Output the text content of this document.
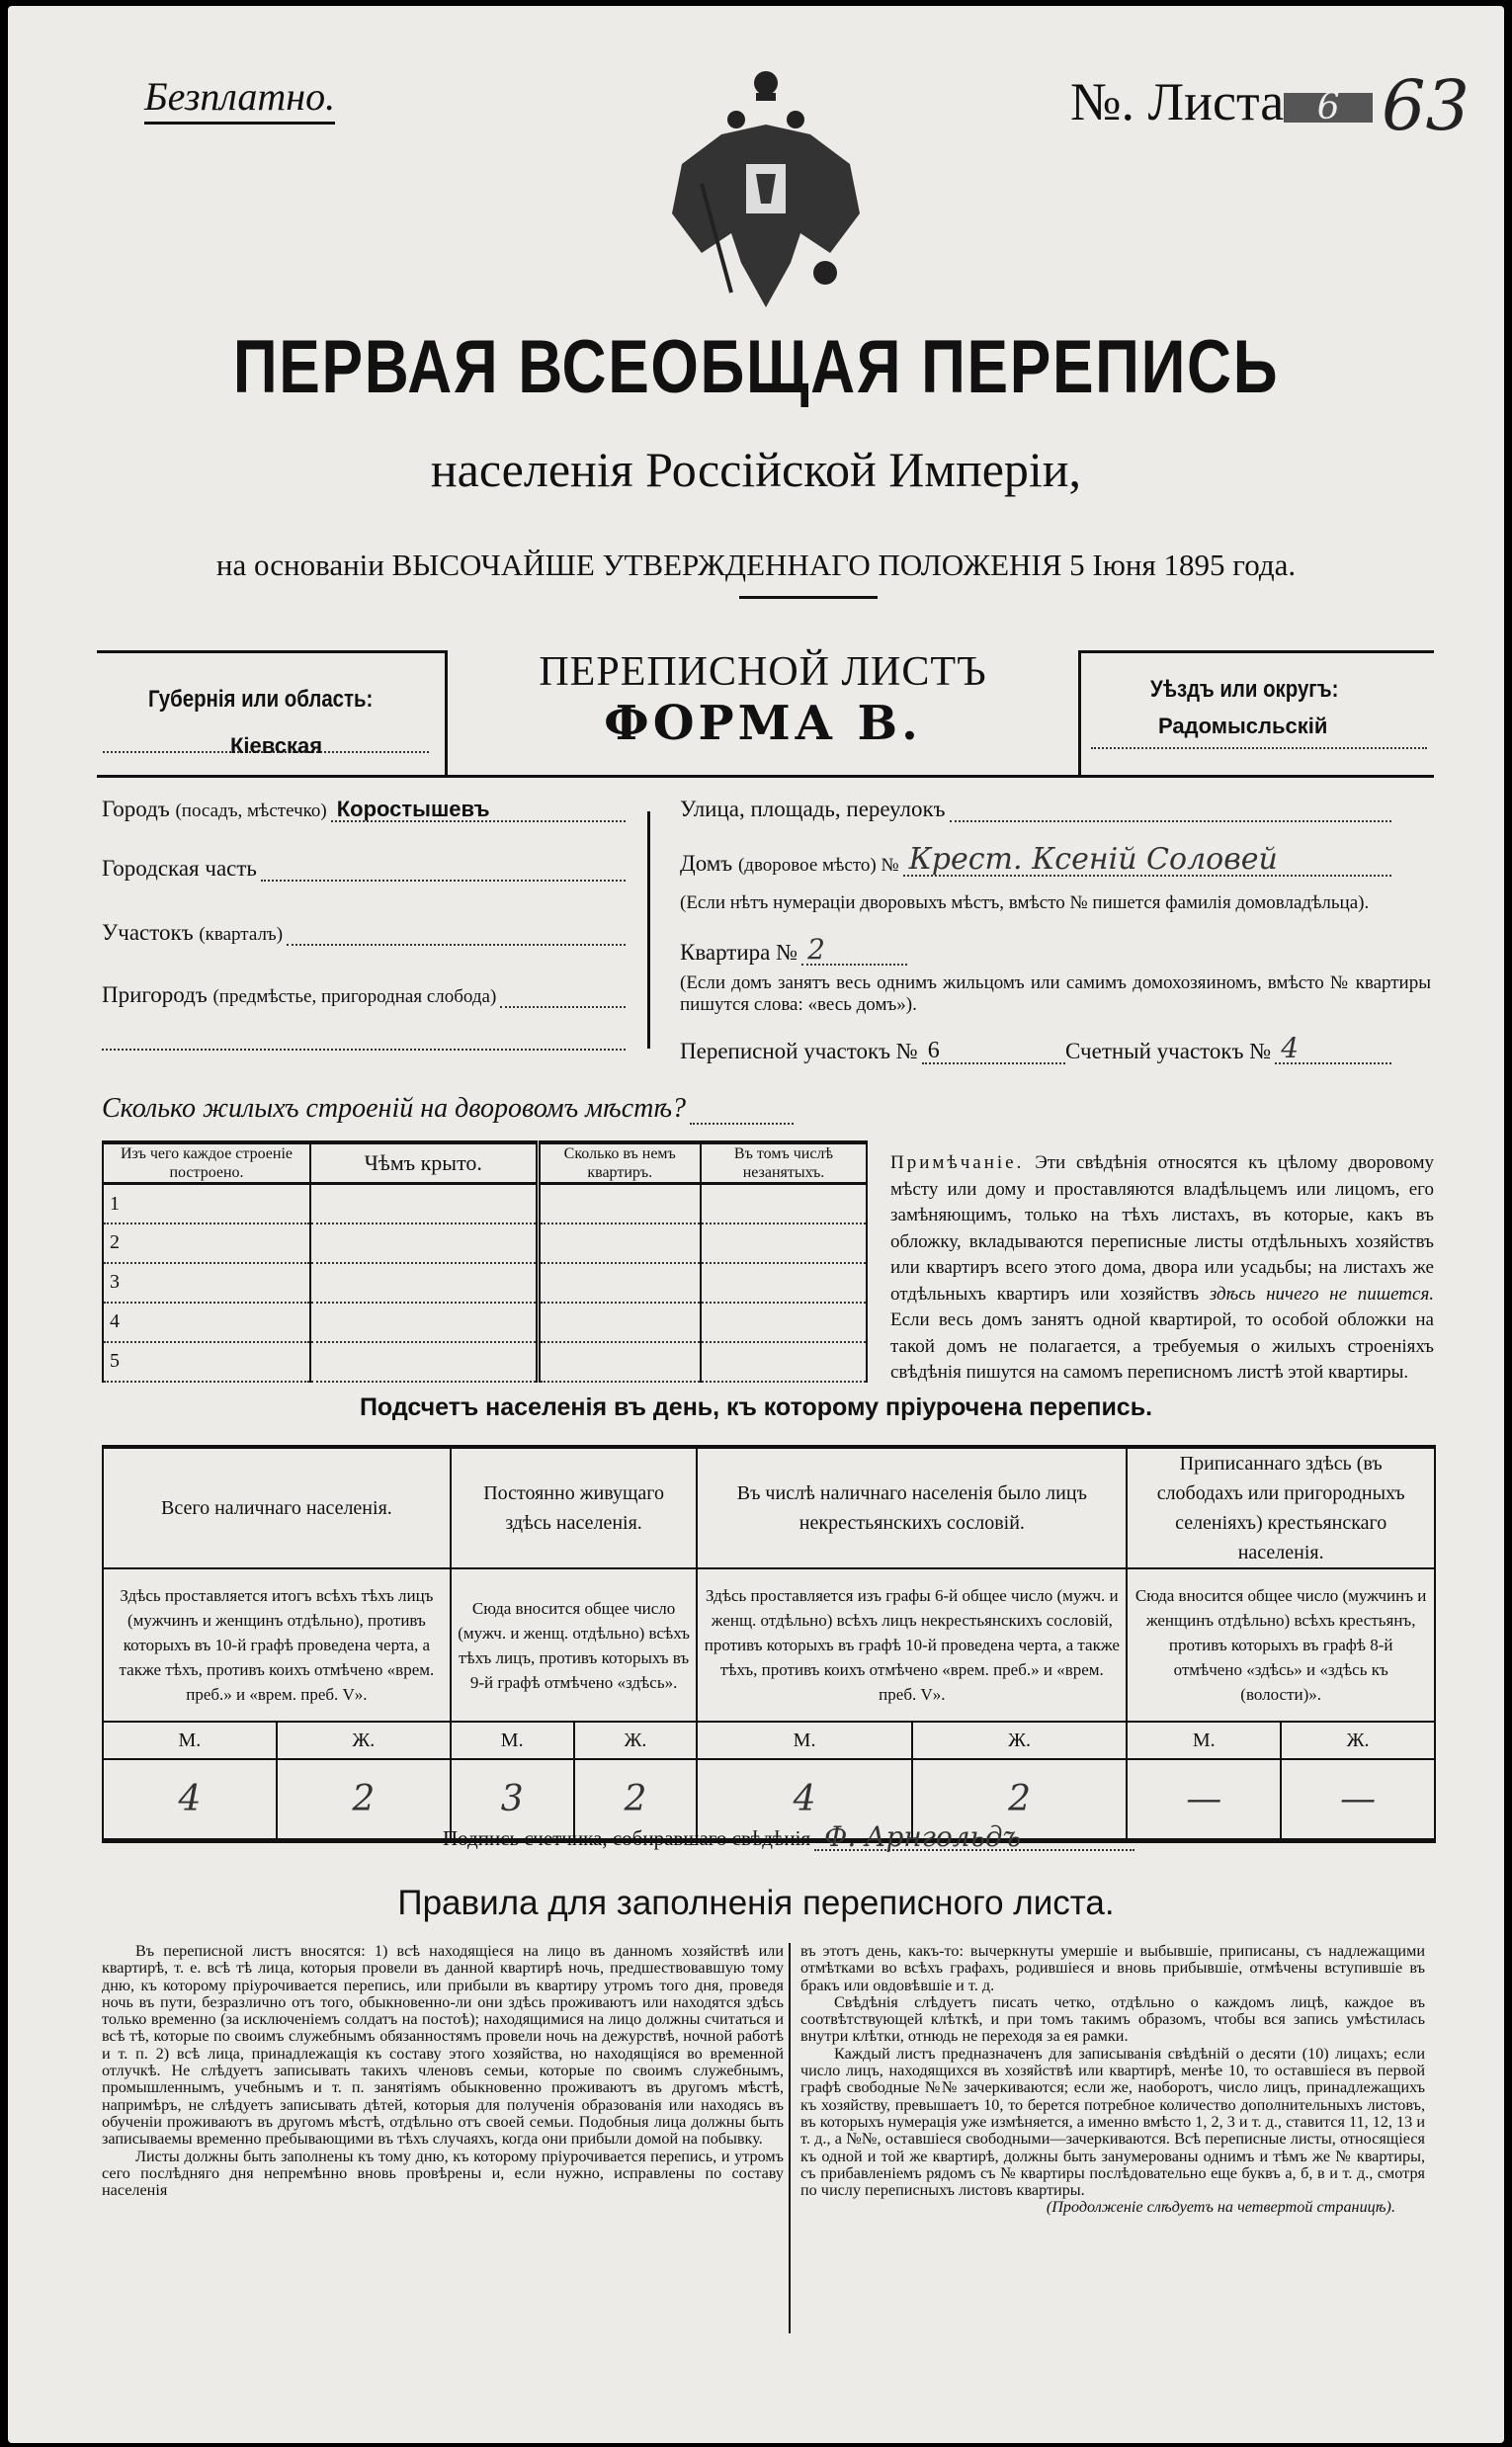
Безплатно.	№. Листа 6 63
ПЕРВАЯ ВСЕОБЩАЯ ПЕРЕПИСЬ
населенія Россійской Имперіи,
на основаніи ВЫСОЧАЙШЕ УТВЕРЖДЕННАГО ПОЛОЖЕНІЯ 5 Іюня 1895 года.
Губернія или область:
Кіевская
ПЕРЕПИСНОЙ ЛИСТЪ
ФОРМА В.
Уѣздъ или округъ:
Радомысльскій
Городъ
(посадъ, мѣстечко) Коростышевъ
Городская часть
Участокъ
(кварталъ)
Пригородъ
(предмѣстье, пригородная слобода)
Улица, площадь, переулокъ
Домъ
(дворовое мѣсто) № Крест. Ксенiй Соловей
(Если нѣтъ нумераціи дворовыхъ мѣстъ, вмѣсто № пишется фамилія домовладѣльца).
Квартира № 2
(Если домъ занятъ весь однимъ жильцомъ или самимъ домохозяиномъ, вмѣсто № квартиры пишутся слова: «весь домъ»).
Переписной участокъ № 6	Счетный участокъ № 4
Сколько жилыхъ строеній на дворовомъ мѣстѣ?
Изъ чего каждое строеніе построено.	Чѣмъ крыто.	Сколько въ немъ квартиръ.	Въ томъ числѣ незанятыхъ.
1			
2			
3			
4			
5			
Примѣчаніе. Эти свѣдѣнія относятся къ цѣлому дворовому мѣсту или дому и проставляются владѣльцемъ или лицомъ, его замѣняющимъ, только на тѣхъ листахъ, въ которые, какъ въ обложку, вкладываются переписные листы отдѣльныхъ хозяйствъ или квартиръ всего этого дома, двора или усадьбы; на листахъ же отдѣльныхъ квартиръ или хозяйствъ здѣсь ничего не пишется. Если весь домъ занятъ одной квартирой, то особой обложки на такой домъ не полагается, а требуемыя о жилыхъ строеніяхъ свѣдѣнія пишутся на самомъ переписномъ листѣ этой квартиры.
Подсчетъ населенія въ день, къ которому пріурочена перепись.
Всего наличнаго населенія.		Постоянно живущаго здѣсь населенія.		Въ числѣ наличнаго населенія было лицъ некрестьянскихъ сословій.		Приписаннаго здѣсь (въ слободахъ или пригородныхъ селеніяхъ) крестьянскаго населенія.	
Здѣсь проставляется итогъ всѣхъ тѣхъ лицъ (мужчинъ и женщинъ отдѣльно), противъ которыхъ въ 10-й графѣ проведена черта, а также тѣхъ, противъ коихъ отмѣчено «врем. преб.» и «врем. преб. V».		Сюда вносится общее число (мужч. и женщ. отдѣльно) всѣхъ тѣхъ лицъ, противъ которыхъ въ 9-й графѣ отмѣчено «здѣсь».		Здѣсь проставляется изъ графы 6-й общее число (мужч. и женщ. отдѣльно) всѣхъ лицъ некрестьянскихъ сословій, противъ которыхъ въ графѣ 10-й проведена черта, а также тѣхъ, противъ коихъ отмѣчено «врем. преб.» и «врем. преб. V».		Сюда вносится общее число (мужчинъ и женщинъ отдѣльно) всѣхъ крестьянъ, противъ которыхъ въ графѣ 8-й отмѣчено «здѣсь» и «здѣсь къ (волости)».	
М.	Ж.	М.	Ж.	М.	Ж.	М.	Ж.
4	2	3	2	4	2	—	—
Подпись счетчика, собиравшаго свѣдѣнія Ф. Арнгольдъ
Правила для заполненія переписного листа.

Въ переписной листъ вносятся: 1) всѣ находящіеся на лицо въ данномъ хозяйствѣ или квартирѣ, т. е. всѣ тѣ лица, которыя провели въ данной квартирѣ ночь, предшествовавшую тому дню, къ которому пріурочивается перепись, или прибыли въ квартиру утромъ того дня, проведя ночь въ пути, безразлично отъ того, обыкновенно-ли они здѣсь проживаютъ или находятся здѣсь только временно (за исключеніемъ солдатъ на постоѣ); находящимися на лицо должны считаться и всѣ тѣ, которые по своимъ служебнымъ обязанностямъ провели ночь на дежурствѣ, ночной работѣ и т. п. 2) всѣ лица, принадлежащія къ составу этого хозяйства, но находящіяся во временной отлучкѣ. Не слѣдуетъ записывать такихъ членовъ семьи, которые по своимъ служебнымъ, промышленнымъ, учебнымъ и т. п. занятіямъ обыкновенно проживаютъ въ другомъ мѣстѣ, напримѣръ, не слѣдуетъ записывать дѣтей, которыя для полученія образованія или находясь въ обученіи проживаютъ въ другомъ мѣстѣ, отдѣльно отъ своей семьи. Подобныя лица должны быть записываемы временно пребывающими въ тѣхъ случаяхъ, когда они прибыли домой на побывку.

Листы должны быть заполнены къ тому дню, къ которому пріурочивается перепись, и утромъ сего послѣдняго дня непремѣнно вновь провѣрены и, если нужно, исправлены по составу населенія

въ этотъ день, какъ-то: вычеркнуты умершіе и выбывшіе, приписаны, съ надлежащими отмѣтками во всѣхъ графахъ, родившіеся и вновь прибывшіе, отмѣчены вступившіе въ бракъ или овдовѣвшіе и т. д.

Свѣдѣнія слѣдуетъ писать четко, отдѣльно о каждомъ лицѣ, каждое въ соотвѣтствующей клѣткѣ, и при томъ такимъ образомъ, чтобы вся запись умѣстилась внутри клѣтки, отнюдь не переходя за ея рамки.

Каждый листъ предназначенъ для записыванія свѣдѣній о десяти (10) лицахъ; если число лицъ, находящихся въ хозяйствѣ или квартирѣ, менѣе 10, то оставшіеся въ первой графѣ свободные №№ зачеркиваются; если же, наоборотъ, число лицъ, принадлежащихъ къ хозяйству, превышаетъ 10, то берется потребное количество дополнительныхъ листовъ, въ которыхъ нумерація уже измѣняется, а именно вмѣсто 1, 2, 3 и т. д., ставится 11, 12, 13 и т. д., а №№, оставшіеся свободными—зачеркиваются. Всѣ переписные листы, относящіеся къ одной и той же квартирѣ, должны быть занумерованы однимъ и тѣмъ же № квартиры, съ прибавленіемъ рядомъ съ № квартиры послѣдовательно еще буквъ а, б, в и т. д., смотря по числу переписныхъ листовъ квартиры.

(Продолженіе слѣдуетъ на четвертой страницѣ).
